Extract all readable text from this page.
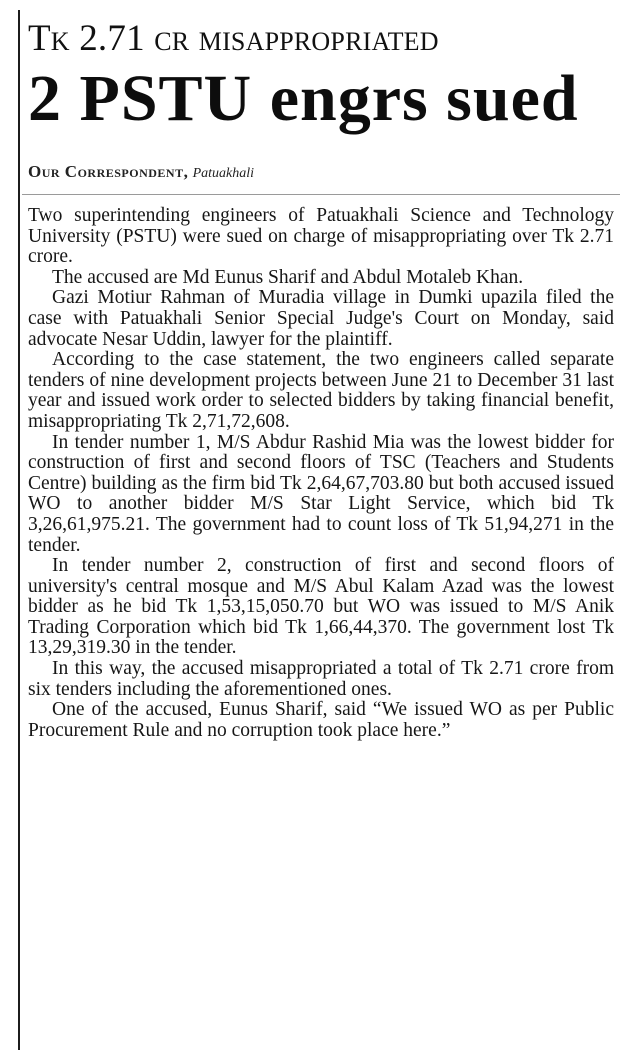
Tk 2.71 cr misappropriated
2 PSTU engrs sued
Our Correspondent, Patuakhali

Two superintending engineers of Patuakhali Science and Technology University (PSTU) were sued on charge of misappropriating over Tk 2.71 crore.

The accused are Md Eunus Sharif and Abdul Motaleb Khan.

Gazi Motiur Rahman of Muradia village in Dumki upazila filed the case with Patuakhali Senior Special Judge's Court on Monday, said advocate Nesar Uddin, lawyer for the plaintiff.

According to the case statement, the two engineers called separate tenders of nine development projects between June 21 to December 31 last year and issued work order to selected bidders by taking financial benefit, misappropriating Tk 2,71,72,608.

In tender number 1, M/S Abdur Rashid Mia was the lowest bidder for construction of first and second floors of TSC (Teachers and Students Centre) building as the firm bid Tk 2,64,67,703.80 but both accused issued WO to another bidder M/S Star Light Service, which bid Tk 3,26,61,975.21. The government had to count loss of Tk 51,94,271 in the tender.

In tender number 2, construction of first and second floors of university's central mosque and M/S Abul Kalam Azad was the lowest bidder as he bid Tk 1,53,15,050.70 but WO was issued to M/S Anik Trading Corporation which bid Tk 1,66,44,370. The government lost Tk 13,29,319.30 in the tender.

In this way, the accused misappropriated a total of Tk 2.71 crore from six tenders including the aforementioned ones.

One of the accused, Eunus Sharif, said “We issued WO as per Public Procurement Rule and no corruption took place here.”
